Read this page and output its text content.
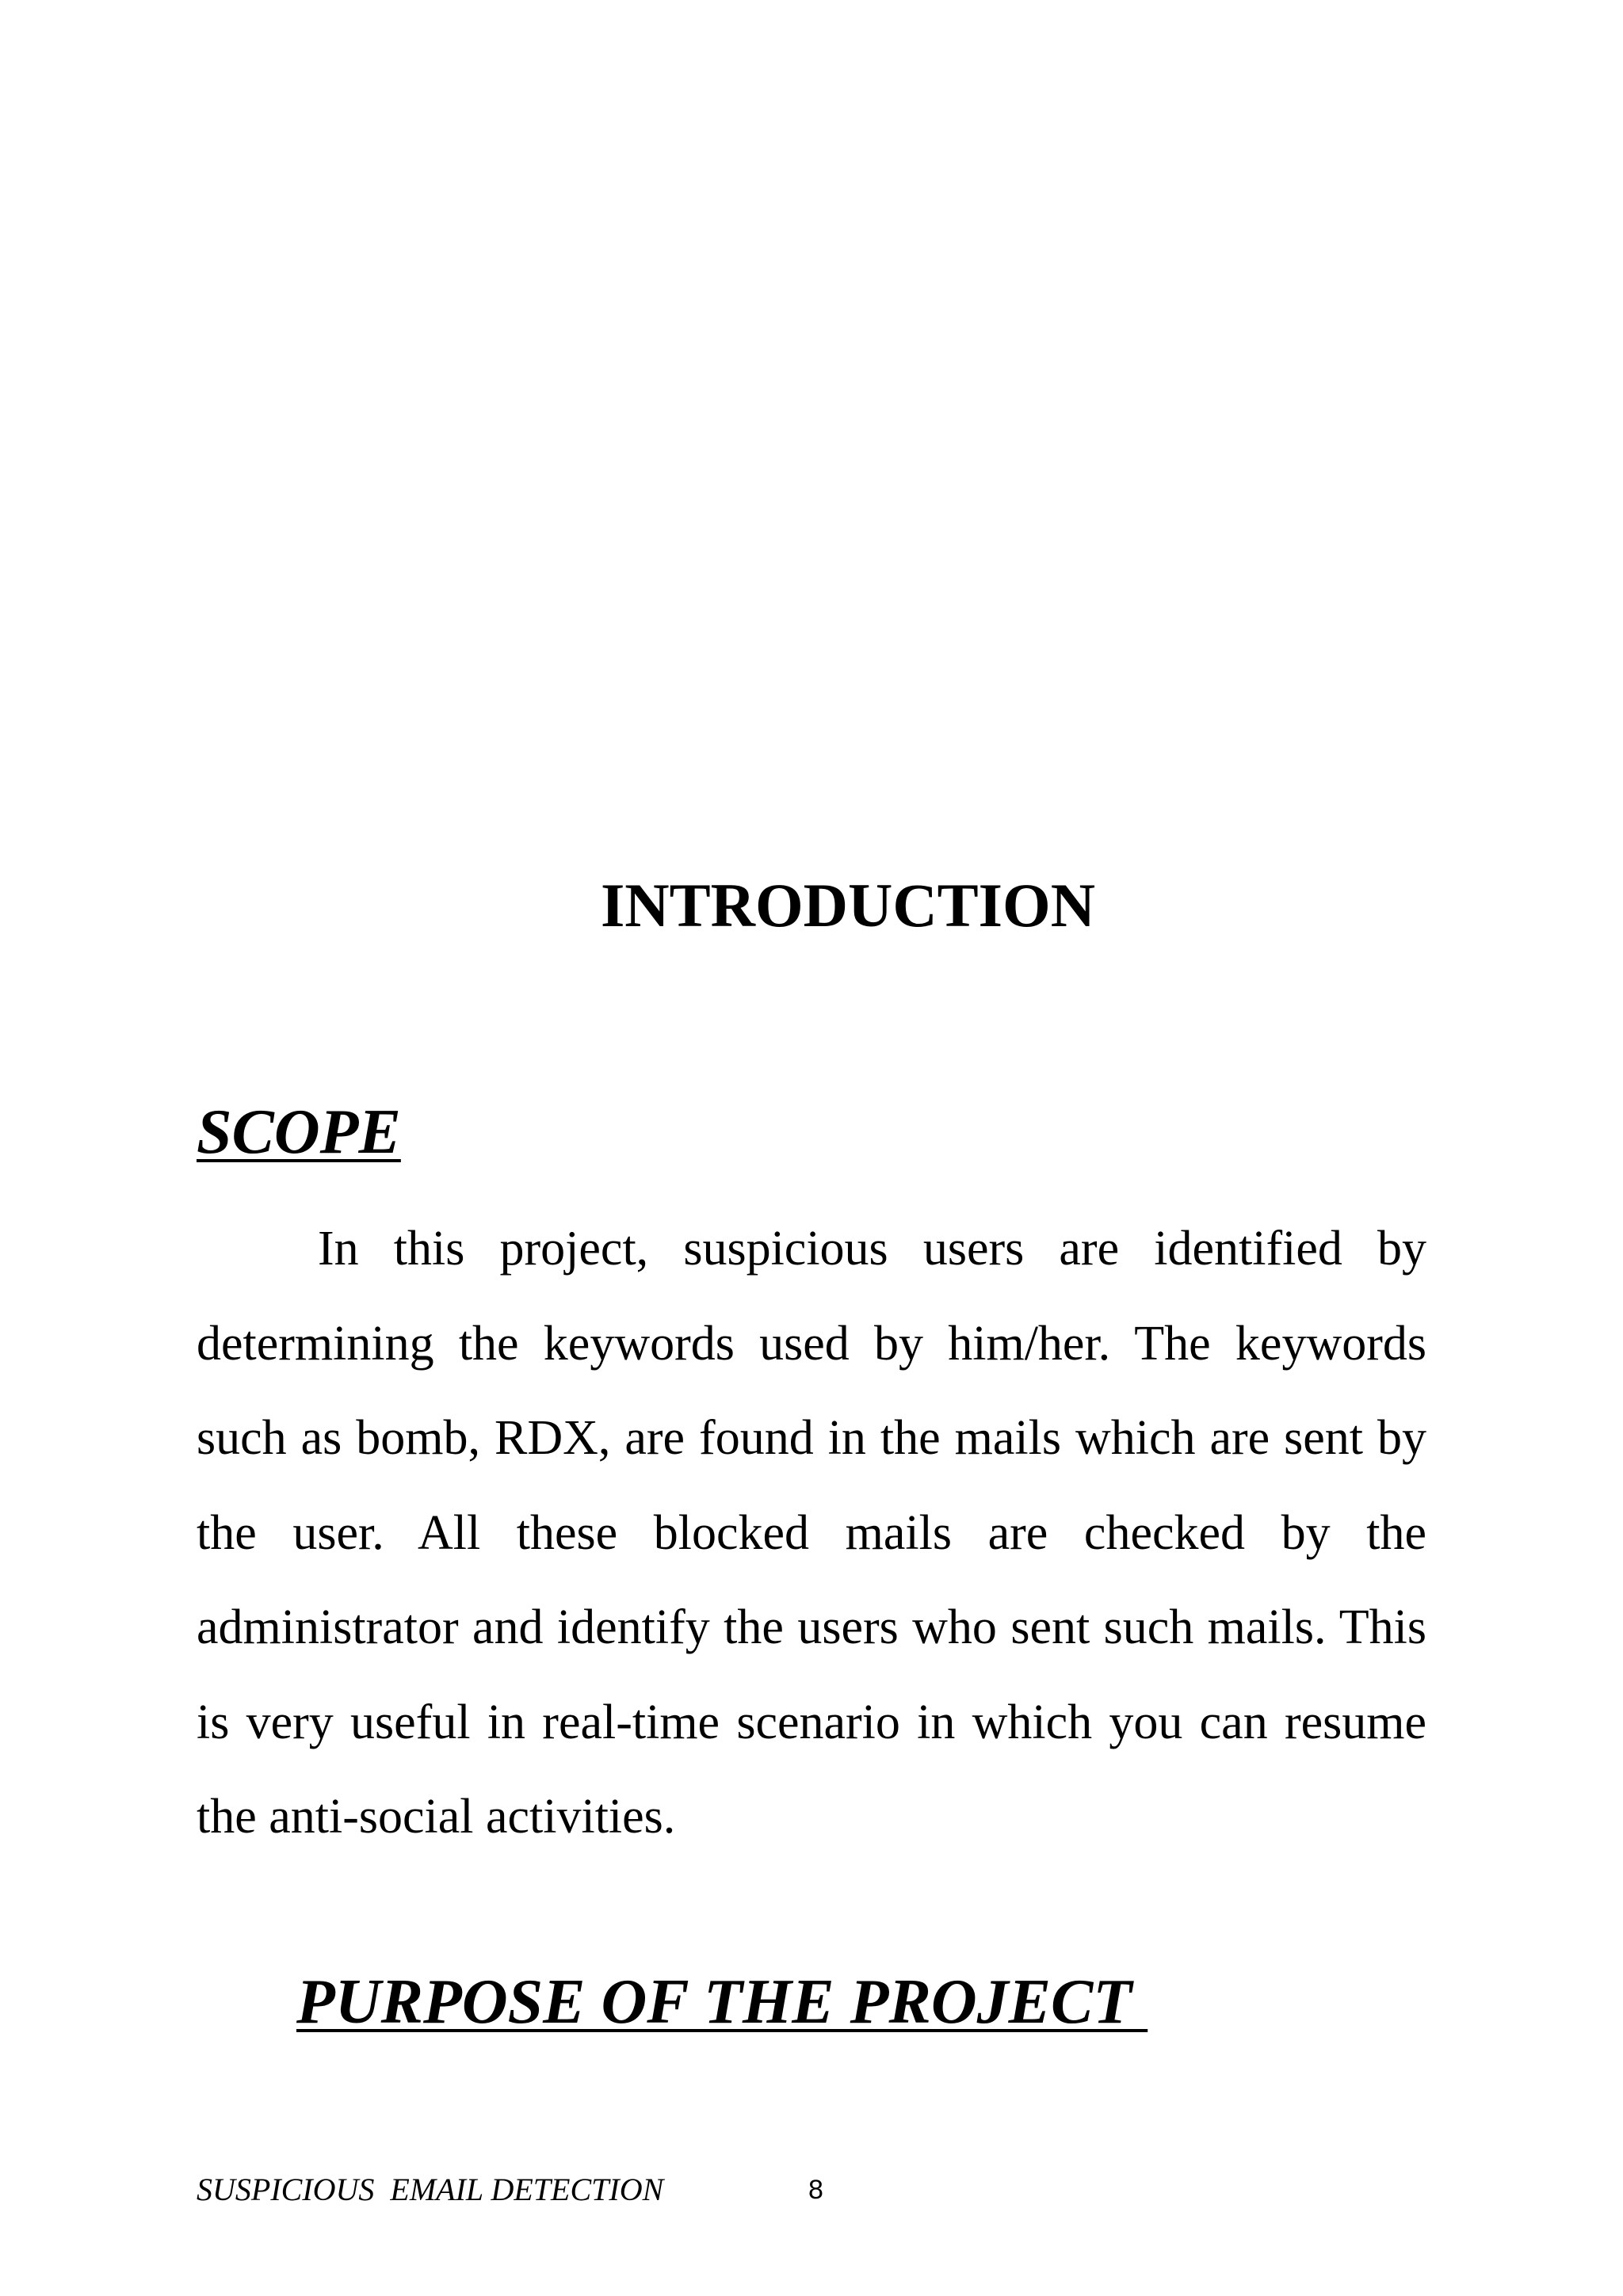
INTRODUCTION
SCOPE

In this project, suspicious users are identified by determining the keywords used by him/her. The keywords such as bomb, RDX, are found in the mails which are sent by the user. All these blocked mails are checked by the administrator and identify the users who sent such mails. This is very useful in real-time scenario in which you can resume the anti-social activities.

PURPOSE OF THE PROJECT
SUSPICIOUS  EMAIL DETECTION	8
